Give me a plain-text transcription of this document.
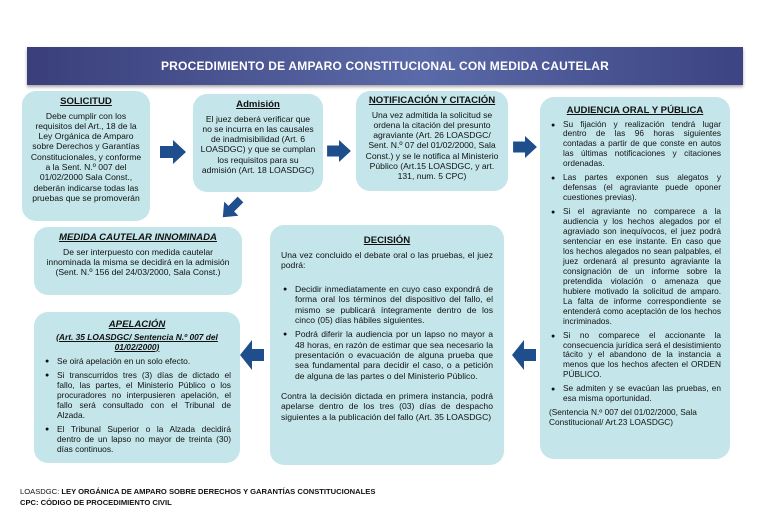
PROCEDIMIENTO DE AMPARO CONSTITUCIONAL CON MEDIDA CAUTELAR
SOLICITUD
Debe cumplir con los requisitos del Art., 18 de la Ley Orgánica de Amparo sobre Derechos y Garantías Constitucionales, y conforme a la Sent. N.º 007 del 01/02/2000 Sala Const., deberán indicarse todas las pruebas que se promoverán
Admisión
El juez deberá verificar que no se incurra en las causales de inadmisibilidad (Art. 6 LOASDGC) y que se cumplan los requisitos para su admisión (Art. 18 LOASDGC)
NOTIFICACIÓN Y CITACIÓN
Una vez admitida la solicitud se ordena la citación del presunto agraviante (Art. 26 LOASDGC/ Sent. N.º 07 del 01/02/2000, Sala Const.) y se le notifica al Ministerio Público (Art.15 LOASDGC, y art. 131, num. 5 CPC)
AUDIENCIA ORAL Y PÚBLICA
● Su fijación y realización tendrá lugar dentro de las 96 horas siguientes contadas a partir de que conste en autos las últimas notificaciones y citaciones ordenadas.
● Las partes exponen sus alegatos y defensas (el agraviante puede oponer cuestiones previas).
● Si el agraviante no comparece a la audiencia y los hechos alegados por el agraviado son inequívocos, el juez podrá sentenciar en ese instante. En caso que los hechos alegados no sean palpables, el juez ordenará al presunto agraviante la consignación de un informe sobre la pretendida violación o amenaza que hubiere motivado la solicitud de amparo. La falta de informe correspondiente se entenderá como aceptación de los hechos incriminados.
● Si no comparece el accionante la consecuencia jurídica será el desistimiento tácito y el abandono de la instancia a menos que los hechos afecten el ORDEN PÚBLICO.
● Se admiten y se evacúan las pruebas, en esa misma oportunidad.
(Sentencia N.º 007 del 01/02/2000, Sala Constitucional/ Art.23 LOASDGC)
MEDIDA CAUTELAR INNOMINADA
De ser interpuesto con medida cautelar innominada la misma se decidirá en la admisión (Sent. N.º 156 del 24/03/2000, Sala Const.)
DECISIÓN
Una vez concluido el debate oral o las pruebas, el juez podrá:
● Decidir inmediatamente en cuyo caso expondrá de forma oral los términos del dispositivo del fallo, el mismo se publicará íntegramente dentro de los cinco (05) días hábiles siguientes.
● Podrá diferir la audiencia por un lapso no mayor a 48 horas, en razón de estimar que sea necesario la presentación o evacuación de alguna prueba que sea fundamental para decidir el caso, o a petición de alguna de las partes o del Ministerio Público.
Contra la decisión dictada en primera instancia, podrá apelarse dentro de los tres (03) días de despacho siguientes a la publicación del fallo (Art. 35 LOASDGC)
APELACIÓN
(Art. 35 LOASDGC/ Sentencia N.º 007 del 01/02/2000)
● Se oirá apelación en un solo efecto.
● Si transcurridos tres (3) días de dictado el fallo, las partes, el Ministerio Público o los procuradores no interpusieren apelación, el fallo será consultado con el Tribunal de Alzada.
● El Tribunal Superior o la Alzada decidirá dentro de un lapso no mayor de treinta (30) días continuos.
LOASDGC: LEY ORGÁNICA DE AMPARO SOBRE DERECHOS Y GARANTÍAS CONSTITUCIONALES
CPC: CÓDIGO DE PROCEDIMIENTO CIVIL
